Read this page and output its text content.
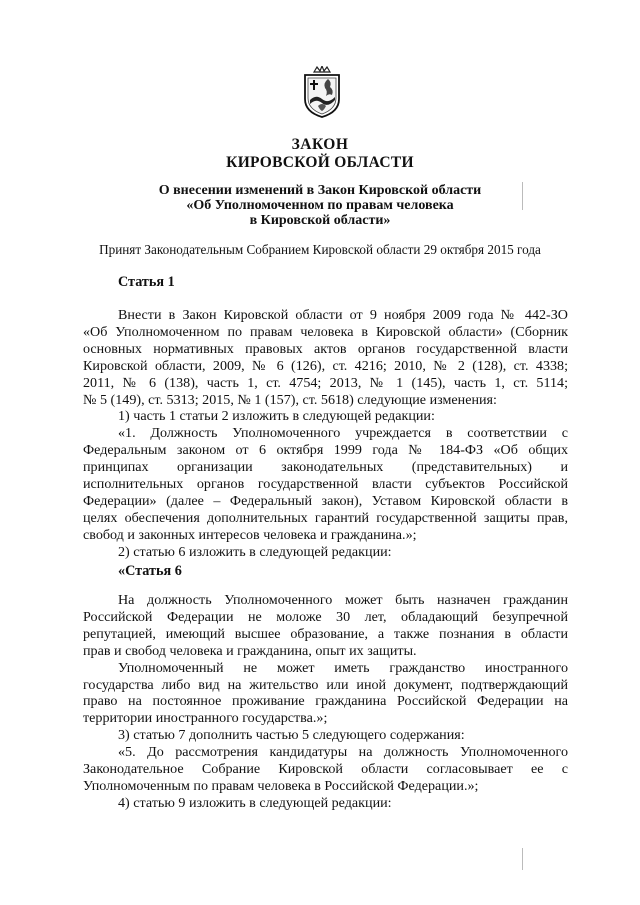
ЗАКОН
КИРОВСКОЙ ОБЛАСТИ
О внесении изменений в Закон Кировской области
«Об Уполномоченном по правам человека
в Кировской области»
Принят Законодательным Собранием Кировской области 29 октября 2015 года
Статья 1
Внести в Закон Кировской области от 9 ноября 2009 года № 442-ЗО
«Об Уполномоченном по правам человека в Кировской области» (Сборник
основных нормативных правовых актов органов государственной власти
Кировской области, 2009, № 6 (126), ст. 4216; 2010, № 2 (128), ст. 4338;
2011, № 6 (138), часть 1, ст. 4754; 2013, № 1 (145), часть 1, ст. 5114;
№ 5 (149), ст. 5313; 2015, № 1 (157), ст. 5618) следующие изменения:
1) часть 1 статьи 2 изложить в следующей редакции:
«1. Должность Уполномоченного учреждается в соответствии с
Федеральным законом от 6 октября 1999 года № 184-ФЗ «Об общих
принципах организации законодательных (представительных) и
исполнительных органов государственной власти субъектов Российской
Федерации» (далее – Федеральный закон), Уставом Кировской области в
целях обеспечения дополнительных гарантий государственной защиты прав,
свобод и законных интересов человека и гражданина.»;
2) статью 6 изложить в следующей редакции:
«Статья 6
На должность Уполномоченного может быть назначен гражданин
Российской Федерации не моложе 30 лет, обладающий безупречной
репутацией, имеющий высшее образование, а также познания в области
прав и свобод человека и гражданина, опыт их защиты.
Уполномоченный не может иметь гражданство иностранного
государства либо вид на жительство или иной документ, подтверждающий
право на постоянное проживание гражданина Российской Федерации на
территории иностранного государства.»;
3) статью 7 дополнить частью 5 следующего содержания:
«5. До рассмотрения кандидатуры на должность Уполномоченного
Законодательное Собрание Кировской области согласовывает ее с
Уполномоченным по правам человека в Российской Федерации.»;
4) статью 9 изложить в следующей редакции:
